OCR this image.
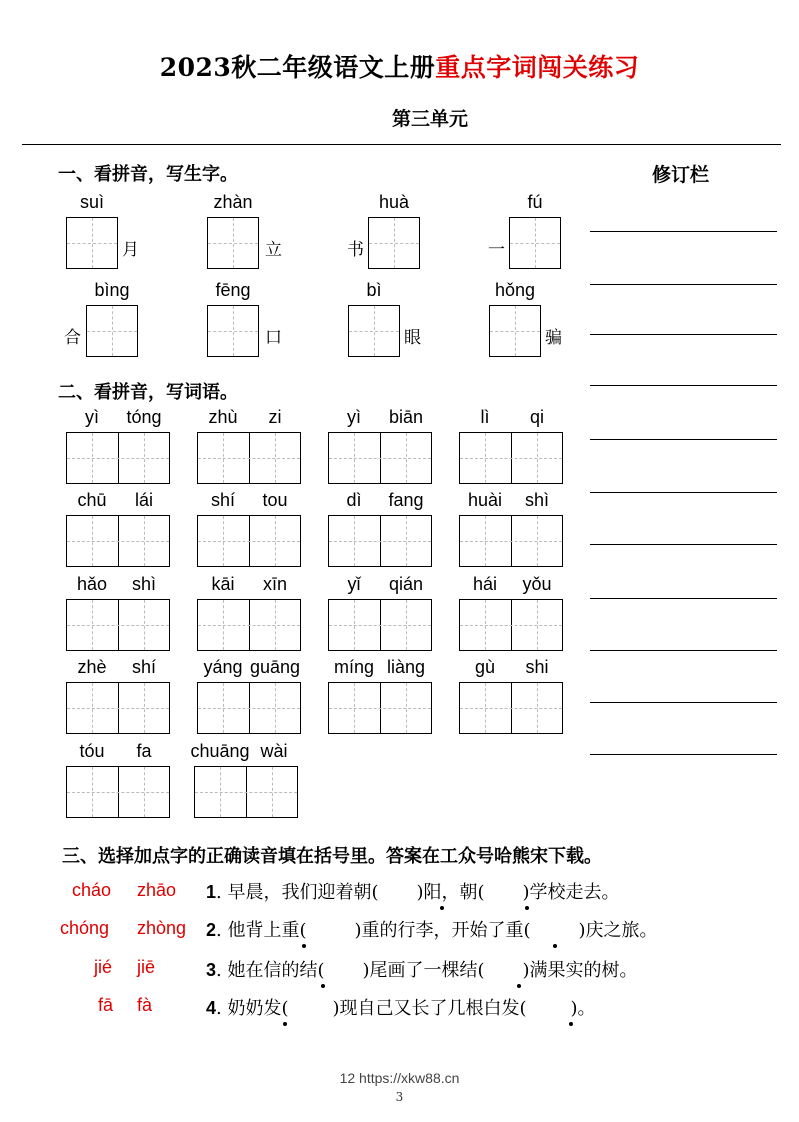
2023秋二年级语文上册重点字词闯关练习
第三单元
修订栏
一、看拼音，写生字。
suì
月
zhàn
立
huà
书
fú
一
bìng
合
fēng
口
bì
眼
hǒng
骗
二、看拼音，写词语。
yì	tóng	zhù	zi	yì	biān	lì	qi
chū	lái	shí	tou	dì	fang	huài	shì
hǎo	shì	kāi	xīn	yǐ	qián	hái	yǒu
zhè	shí	yáng guāng	míng liàng	gù	shi
tóu	fa	chuāng wài
三、选择加点字的正确读音填在括号里。答案在工众号哈熊宋下载。
cháo zhāo 1. 早晨，我们迎着朝( )阳，朝( )学校走去。
chóng zhòng 2. 他背上重(	)重的行李，开始了重(	)庆之旅。
jié jiē	3. 她在信的结( )尾画了一棵结( )满果实的树。
fā fà	4. 奶奶发( )现自己又长了几根白发( )。
12 https://xkw88.cn
3
